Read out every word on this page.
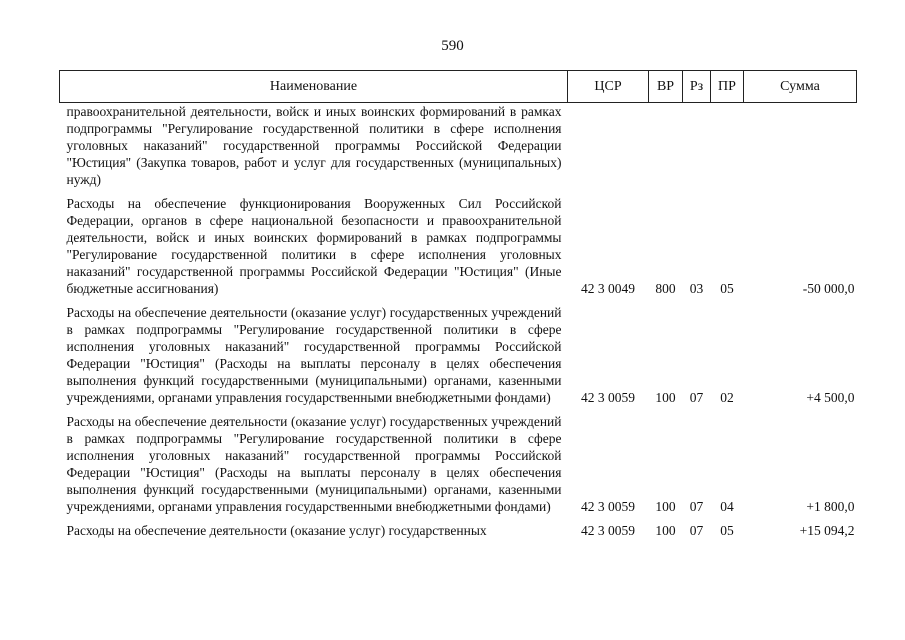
590
Наименование	ЦСР	ВР	Рз	ПР	Сумма
правоохранительной деятельности, войск и иных воинских формирований в рамках подпрограммы "Регулирование государственной политики в сфере исполнения уголовных наказаний" государственной программы Российской Федерации "Юстиция" (Закупка товаров, работ и услуг для государственных (муниципальных) нужд)					

Расходы на обеспечение функционирования Вооруженных Сил Российской Федерации, органов в сфере национальной безопасности и правоохранительной деятельности, войск и иных воинских формирований в рамках подпрограммы "Регулирование государственной политики в сфере исполнения уголовных наказаний" государственной программы Российской Федерации "Юстиция" (Иные бюджетные ассигнования)	42 3 0049	800	03	05	-50 000,0

Расходы на обеспечение деятельности (оказание услуг) государственных учреждений в рамках подпрограммы "Регулирование государственной политики в сфере исполнения уголовных наказаний" государственной программы Российской Федерации "Юстиция" (Расходы на выплаты персоналу в целях обеспечения выполнения функций государственными (муниципальными) органами, казенными учреждениями, органами управления государственными внебюджетными фондами)	42 3 0059	100	07	02	+4 500,0

Расходы на обеспечение деятельности (оказание услуг) государственных учреждений в рамках подпрограммы "Регулирование государственной политики в сфере исполнения уголовных наказаний" государственной программы Российской Федерации "Юстиция" (Расходы на выплаты персоналу в целях обеспечения выполнения функций государственными (муниципальными) органами, казенными учреждениями, органами управления государственными внебюджетными фондами)	42 3 0059	100	07	04	+1 800,0

Расходы на обеспечение деятельности (оказание услуг) государственных	42 3 0059	100	07	05	+15 094,2
